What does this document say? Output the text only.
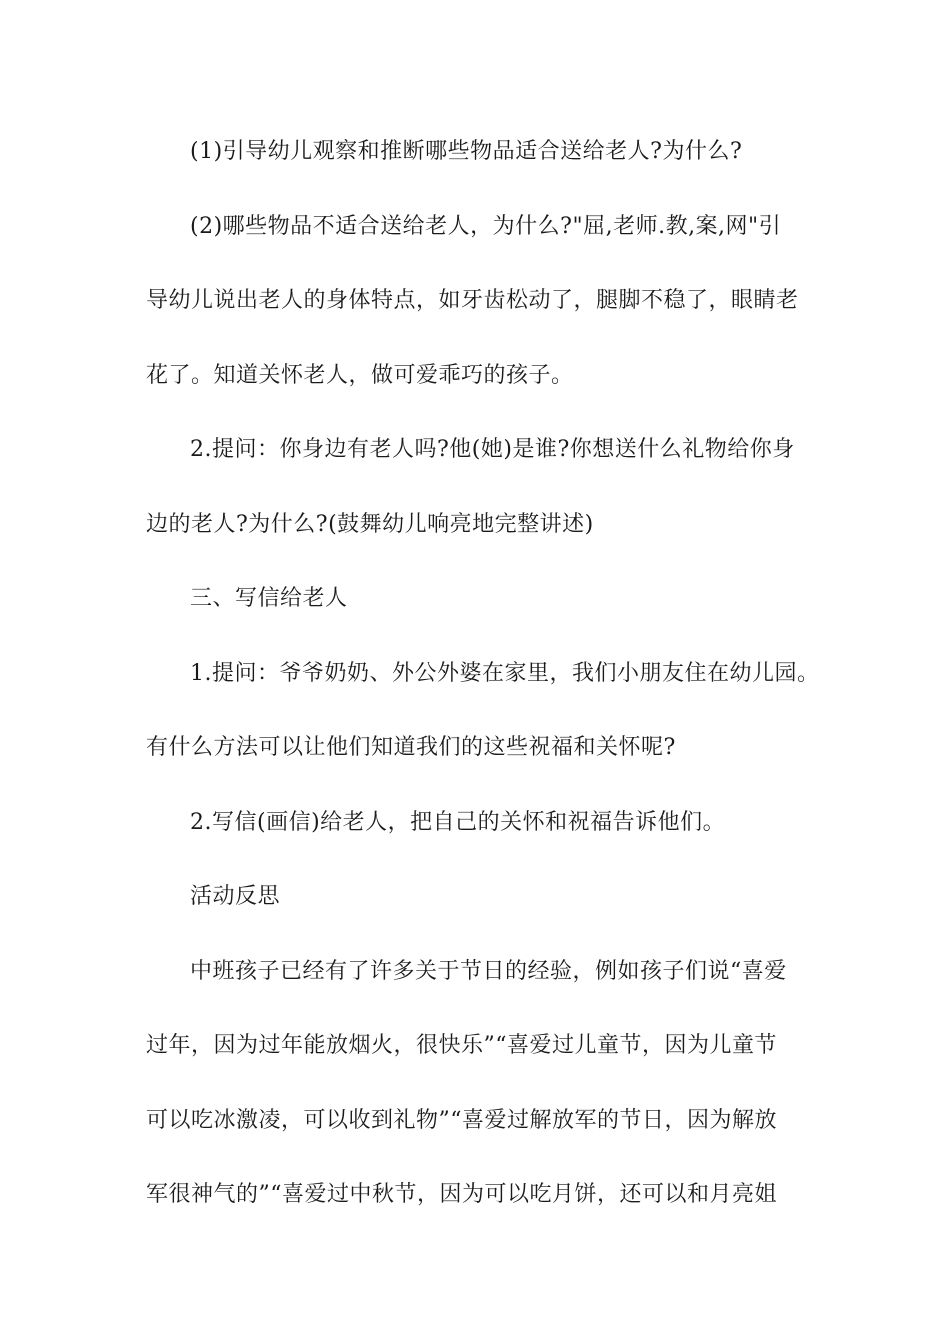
(1)引导幼儿观察和推断哪些物品适合送给老人?为什么?
(2)哪些物品不适合送给老人，为什么?"屈,老师.教,案,网"引
导幼儿说出老人的身体特点，如牙齿松动了，腿脚不稳了，眼睛老
花了。知道关怀老人，做可爱乖巧的孩子。
2.提问：你身边有老人吗?他(她)是谁?你想送什么礼物给你身
边的老人?为什么?(鼓舞幼儿响亮地完整讲述)
三、写信给老人
1.提问：爷爷奶奶、外公外婆在家里，我们小朋友住在幼儿园。
有什么方法可以让他们知道我们的这些祝福和关怀呢?
2.写信(画信)给老人，把自己的关怀和祝福告诉他们。
活动反思
中班孩子已经有了许多关于节日的经验，例如孩子们说“喜爱
过年，因为过年能放烟火，很快乐”“喜爱过儿童节，因为儿童节
可以吃冰激凌，可以收到礼物”“喜爱过解放军的节日，因为解放
军很神气的”“喜爱过中秋节，因为可以吃月饼，还可以和月亮姐
